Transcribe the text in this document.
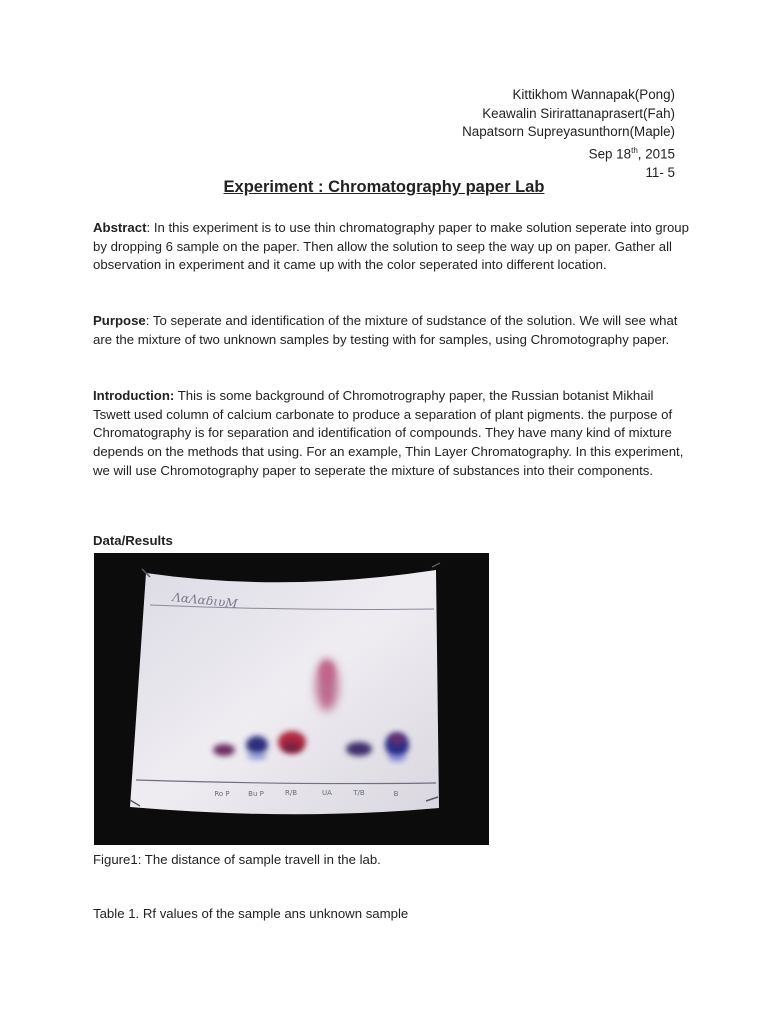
Kittikhom Wannapak(Pong)
Keawalin Sirirattanaprasert(Fah)
Napatsorn Supreyasunthorn(Maple)
Sep 18th, 2015
11- 5
Experiment : Chromatography paper Lab

Abstract: In this experiment is to use thin chromatography paper to make solution seperate into group by dropping 6 sample on the paper. Then allow the solution to seep the way up on paper. Gather all observation in experiment and it came up with the color seperated into different location.

Purpose: To seperate and identification of the mixture of sudstance of the solution. We will see what are the mixture of two unknown samples by testing with for samples, using Chromotography paper.

Introduction: This is some background of Chromotrography paper, the Russian botanist Mikhail Tswett used column of calcium carbonate to produce a separation of plant pigments. the purpose of Chromatography is for separation and identification of compounds. They have many kind of mixture depends on the methods that using. For an example, Thin Layer Chromatography. In this experiment, we will use Chromotography paper to seperate the mixture of substances into their components.

Data/Results
ɅɑΛɑɓιυΜ
Ro P	Bu P	R/B	UA	T/B	B
Figure1: The distance of sample travell in the lab.
Table 1. Rf values of the sample ans unknown sample
